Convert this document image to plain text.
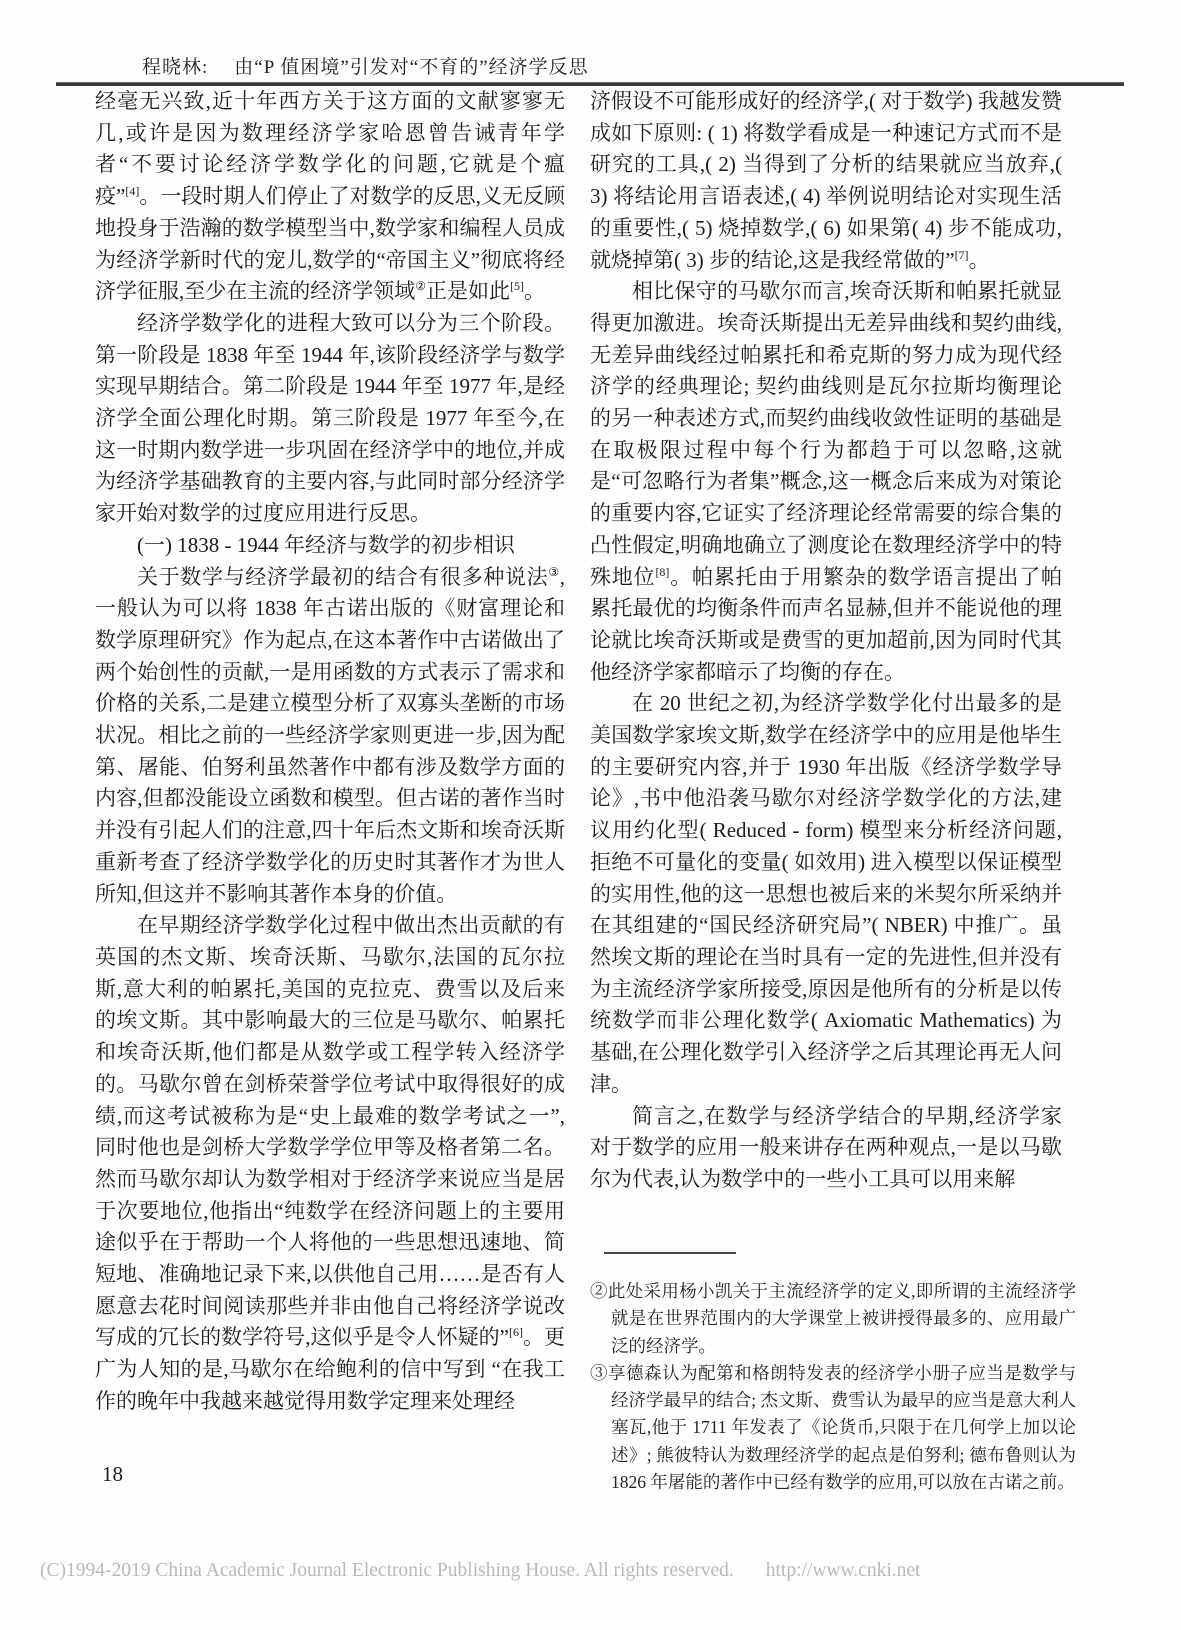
程晓林: 由“P 值困境”引发对“不育的”经济学反思

经毫无兴致,近十年西方关于这方面的文献寥寥无几,或许是因为数理经济学家哈恩曾告诫青年学者“不要讨论经济学数学化的问题,它就是个瘟疫”[4]。一段时期人们停止了对数学的反思,义无反顾地投身于浩瀚的数学模型当中,数学家和编程人员成为经济学新时代的宠儿,数学的“帝国主义”彻底将经济学征服,至少在主流的经济学领域②正是如此[5]。

经济学数学化的进程大致可以分为三个阶段。第一阶段是 1838 年至 1944 年,该阶段经济学与数学实现早期结合。第二阶段是 1944 年至 1977 年,是经济学全面公理化时期。第三阶段是 1977 年至今,在这一时期内数学进一步巩固在经济学中的地位,并成为经济学基础教育的主要内容,与此同时部分经济学家开始对数学的过度应用进行反思。

(一) 1838 - 1944 年经济与数学的初步相识

关于数学与经济学最初的结合有很多种说法③,一般认为可以将 1838 年古诺出版的《财富理论和数学原理研究》作为起点,在这本著作中古诺做出了两个始创性的贡献,一是用函数的方式表示了需求和价格的关系,二是建立模型分析了双寡头垄断的市场状况。相比之前的一些经济学家则更进一步,因为配第、屠能、伯努利虽然著作中都有涉及数学方面的内容,但都没能设立函数和模型。但古诺的著作当时并没有引起人们的注意,四十年后杰文斯和埃奇沃斯重新考查了经济学数学化的历史时其著作才为世人所知,但这并不影响其著作本身的价值。

在早期经济学数学化过程中做出杰出贡献的有英国的杰文斯、埃奇沃斯、马歇尔,法国的瓦尔拉斯,意大利的帕累托,美国的克拉克、费雪以及后来的埃文斯。其中影响最大的三位是马歇尔、帕累托和埃奇沃斯,他们都是从数学或工程学转入经济学的。马歇尔曾在剑桥荣誉学位考试中取得很好的成绩,而这考试被称为是“史上最难的数学考试之一”, 同时他也是剑桥大学数学学位甲等及格者第二名。然而马歇尔却认为数学相对于经济学来说应当是居于次要地位,他指出“纯数学在经济问题上的主要用途似乎在于帮助一个人将他的一些思想迅速地、简短地、准确地记录下来,以供他自己用……是否有人愿意去花时间阅读那些并非由他自己将经济学说改写成的冗长的数学符号,这似乎是令人怀疑的”[6]。更广为人知的是,马歇尔在给鲍利的信中写到 “在我工作的晚年中我越来越觉得用数学定理来处理经

济假设不可能形成好的经济学,( 对于数学) 我越发赞成如下原则: ( 1) 将数学看成是一种速记方式而不是研究的工具,( 2) 当得到了分析的结果就应当放弃,( 3) 将结论用言语表述,( 4) 举例说明结论对实现生活的重要性,( 5) 烧掉数学,( 6) 如果第( 4) 步不能成功,就烧掉第( 3) 步的结论,这是我经常做的”[7]。

相比保守的马歇尔而言,埃奇沃斯和帕累托就显得更加激进。埃奇沃斯提出无差异曲线和契约曲线,无差异曲线经过帕累托和希克斯的努力成为现代经济学的经典理论; 契约曲线则是瓦尔拉斯均衡理论的另一种表述方式,而契约曲线收敛性证明的基础是在取极限过程中每个行为都趋于可以忽略,这就是“可忽略行为者集”概念,这一概念后来成为对策论的重要内容,它证实了经济理论经常需要的综合集的凸性假定,明确地确立了测度论在数理经济学中的特殊地位[8]。帕累托由于用繁杂的数学语言提出了帕累托最优的均衡条件而声名显赫,但并不能说他的理论就比埃奇沃斯或是费雪的更加超前,因为同时代其他经济学家都暗示了均衡的存在。

在 20 世纪之初,为经济学数学化付出最多的是美国数学家埃文斯,数学在经济学中的应用是他毕生的主要研究内容,并于 1930 年出版《经济学数学导论》,书中他沿袭马歇尔对经济学数学化的方法,建议用约化型( Reduced - form) 模型来分析经济问题,拒绝不可量化的变量( 如效用) 进入模型以保证模型的实用性,他的这一思想也被后来的米契尔所采纳并在其组建的“国民经济研究局”( NBER) 中推广。虽然埃文斯的理论在当时具有一定的先进性,但并没有为主流经济学家所接受,原因是他所有的分析是以传统数学而非公理化数学( Axiomatic Mathematics) 为基础,在公理化数学引入经济学之后其理论再无人问津。

简言之,在数学与经济学结合的早期,经济学家对于数学的应用一般来讲存在两种观点,一是以马歇尔为代表,认为数学中的一些小工具可以用来解

②此处采用杨小凯关于主流经济学的定义,即所谓的主流经济学就是在世界范围内的大学课堂上被讲授得最多的、应用最广泛的经济学。

③享德森认为配第和格朗特发表的经济学小册子应当是数学与经济学最早的结合; 杰文斯、费雪认为最早的应当是意大利人塞瓦,他于 1711 年发表了《论货币,只限于在几何学上加以论述》; 熊彼特认为数理经济学的起点是伯努利; 德布鲁则认为 1826 年屠能的著作中已经有数学的应用,可以放在古诺之前。

18
(C)1994-2019 China Academic Journal Electronic Publishing House. All rights reserved. http://www.cnki.net
